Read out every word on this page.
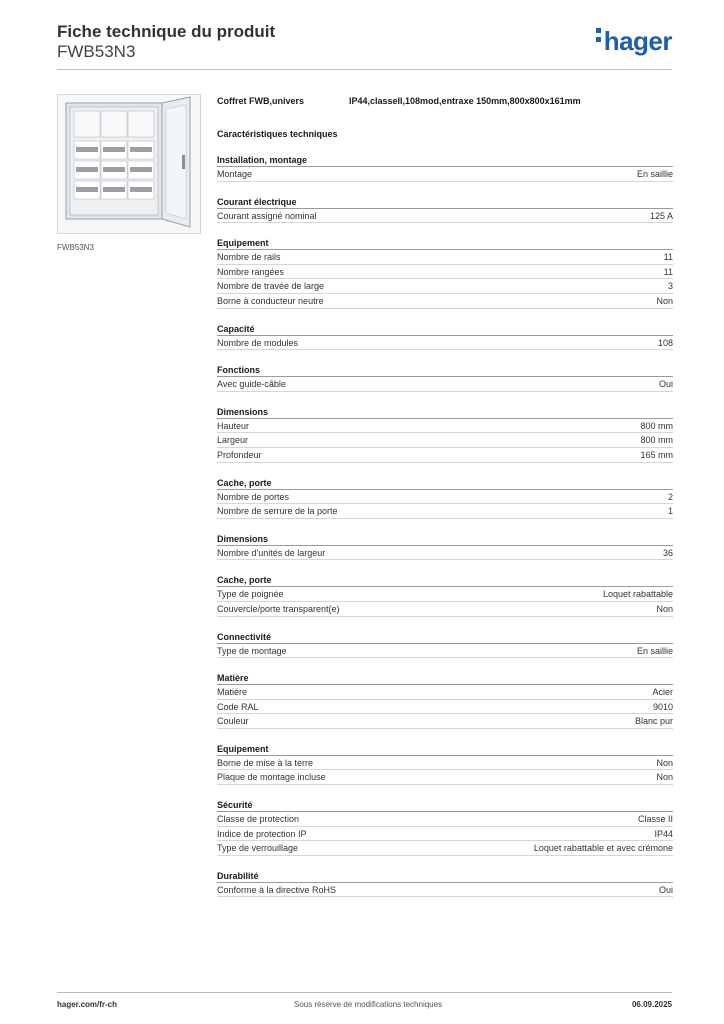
Fiche technique du produit
FWB53N3	hager
FWB53N3
Coffret FWB,univers	IP44,classeII,108mod,entraxe 150mm,800x800x161mm
Caractéristiques techniques
Installation, montage
Montage	En saillie
Courant électrique
Courant assigné nominal	125 A
Equipement
Nombre de rails	11
Nombre rangées	11
Nombre de travée de large	3
Borne à conducteur neutre	Non
Capacité
Nombre de modules	108
Fonctions
Avec guide-câble	Oui
Dimensions
Hauteur	800 mm
Largeur	800 mm
Profondeur	165 mm
Cache, porte
Nombre de portes	2
Nombre de serrure de la porte	1
Dimensions
Nombre d'unités de largeur	36
Cache, porte
Type de poignée	Loquet rabattable
Couvercle/porte transparent(e)	Non
Connectivité
Type de montage	En saillie
Matière
Matière	Acier
Code RAL	9010
Couleur	Blanc pur
Equipement
Borne de mise à la terre	Non
Plaque de montage incluse	Non
Sécurité
Classe de protection	Classe II
Indice de protection IP	IP44
Type de verrouillage	Loquet rabattable et avec crémone
Durabilité
Conforme à la directive RoHS	Oui
hager.com/fr-ch	Sous réserve de modifications techniques	06.09.2025
